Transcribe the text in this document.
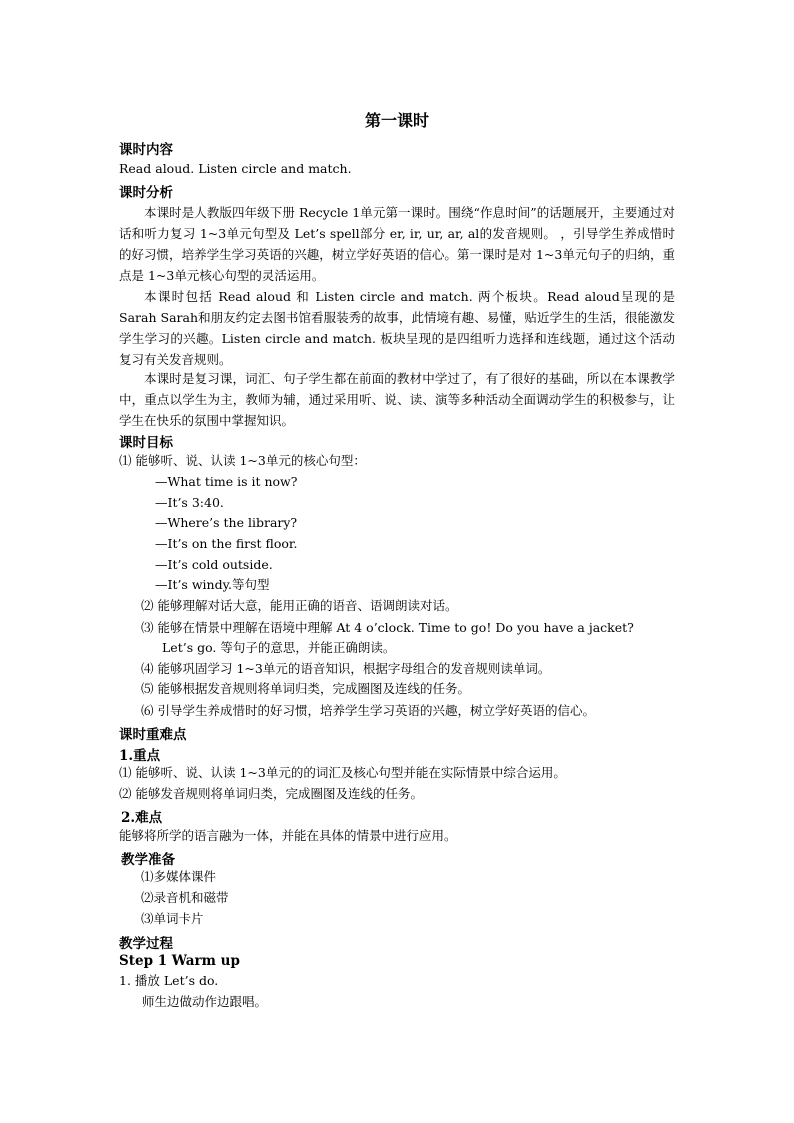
第一课时
课时内容
Read aloud. Listen circle and match.
课时分析
本课时是人教版四年级下册 Recycle 1单元第一课时。围绕“作息时间”的话题展开，主要通过对话和听力复习 1~3单元句型及 Let’s spell部分 er, ir, ur, ar, al的发音规则。 ，引导学生养成惜时的好习惯，培养学生学习英语的兴趣，树立学好英语的信心。第一课时是对 1~3单元句子的归纳，重点是 1~3单元核心句型的灵活运用。
本课时包括 Read aloud 和 Listen circle and match. 两个板块。Read aloud呈现的是 Sarah Sarah和朋友约定去图书馆看服装秀的故事，此情境有趣、易懂，贴近学生的生活，很能激发学生学习的兴趣。Listen circle and match. 板块呈现的是四组听力选择和连线题，通过这个活动复习有关发音规则。
本课时是复习课，词汇、句子学生都在前面的教材中学过了，有了很好的基础，所以在本课教学中，重点以学生为主，教师为辅，通过采用听、说、读、演等多种活动全面调动学生的积极参与，让学生在快乐的氛围中掌握知识。
课时目标
⑴ 能够听、说、认读 1~3单元的核心句型：
—What time is it now?
—It’s 3:40.
—Where’s the library?
—It’s on the first floor.
—It’s cold outside.
—It’s windy.等句型
⑵ 能够理解对话大意，能用正确的语音、语调朗读对话。
⑶ 能够在情景中理解在语境中理解 At 4 o’clock. Time to go! Do you have a jacket?
Let’s go. 等句子的意思，并能正确朗读。
⑷ 能够巩固学习 1~3单元的语音知识，根据字母组合的发音规则读单词。
⑸ 能够根据发音规则将单词归类，完成圈图及连线的任务。
⑹ 引导学生养成惜时的好习惯，培养学生学习英语的兴趣，树立学好英语的信心。
课时重难点
1.重点
⑴ 能够听、说、认读 1~3单元的的词汇及核心句型并能在实际情景中综合运用。
⑵ 能够发音规则将单词归类，完成圈图及连线的任务。
2.难点
能够将所学的语言融为一体，并能在具体的情景中进行应用。
教学准备
⑴多媒体课件
⑵录音机和磁带
⑶单词卡片
教学过程
Step 1 Warm up
1. 播放 Let’s do.
师生边做动作边跟唱。
